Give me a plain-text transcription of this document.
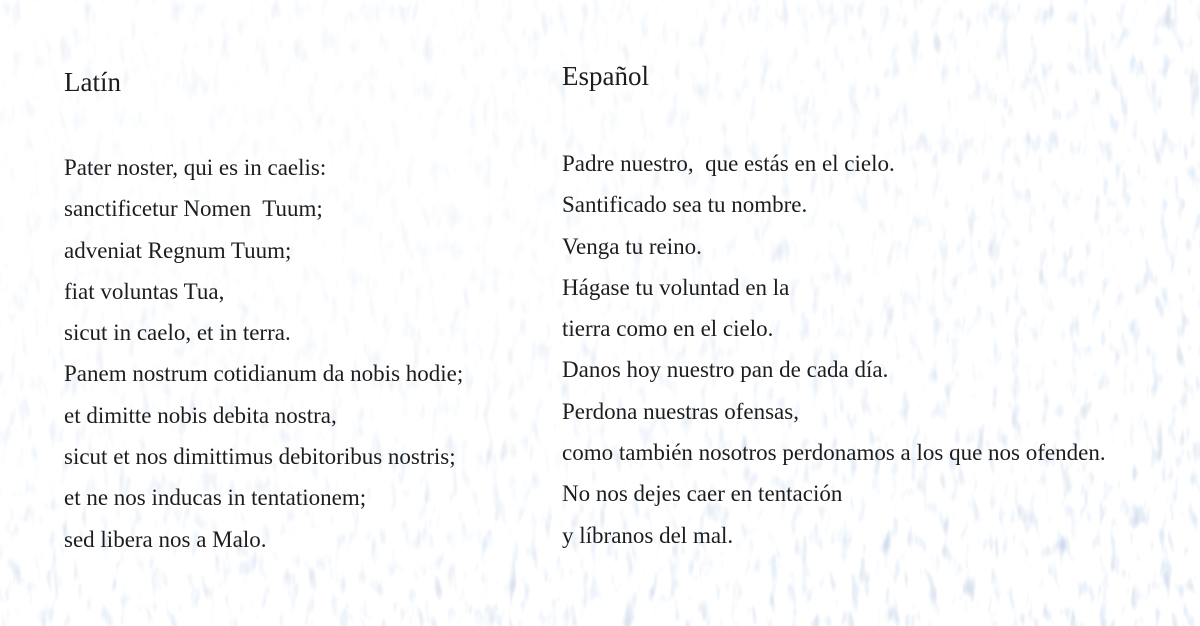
Latín

Pater noster, qui es in caelis:

sanctificetur Nomen  Tuum;

adveniat Regnum Tuum;

fiat voluntas Tua,

sicut in caelo, et in terra.

Panem nostrum cotidianum da nobis hodie;

et dimitte nobis debita nostra,

sicut et nos dimittimus debitoribus nostris;

et ne nos inducas in tentationem;

sed libera nos a Malo.

Español

Padre nuestro,  que estás en el cielo.

Santificado sea tu nombre.

Venga tu reino.

Hágase tu voluntad en la

tierra como en el cielo.

Danos hoy nuestro pan de cada día.

Perdona nuestras ofensas,

como también nosotros perdonamos a los que nos ofenden.

No nos dejes caer en tentación

y líbranos del mal.
